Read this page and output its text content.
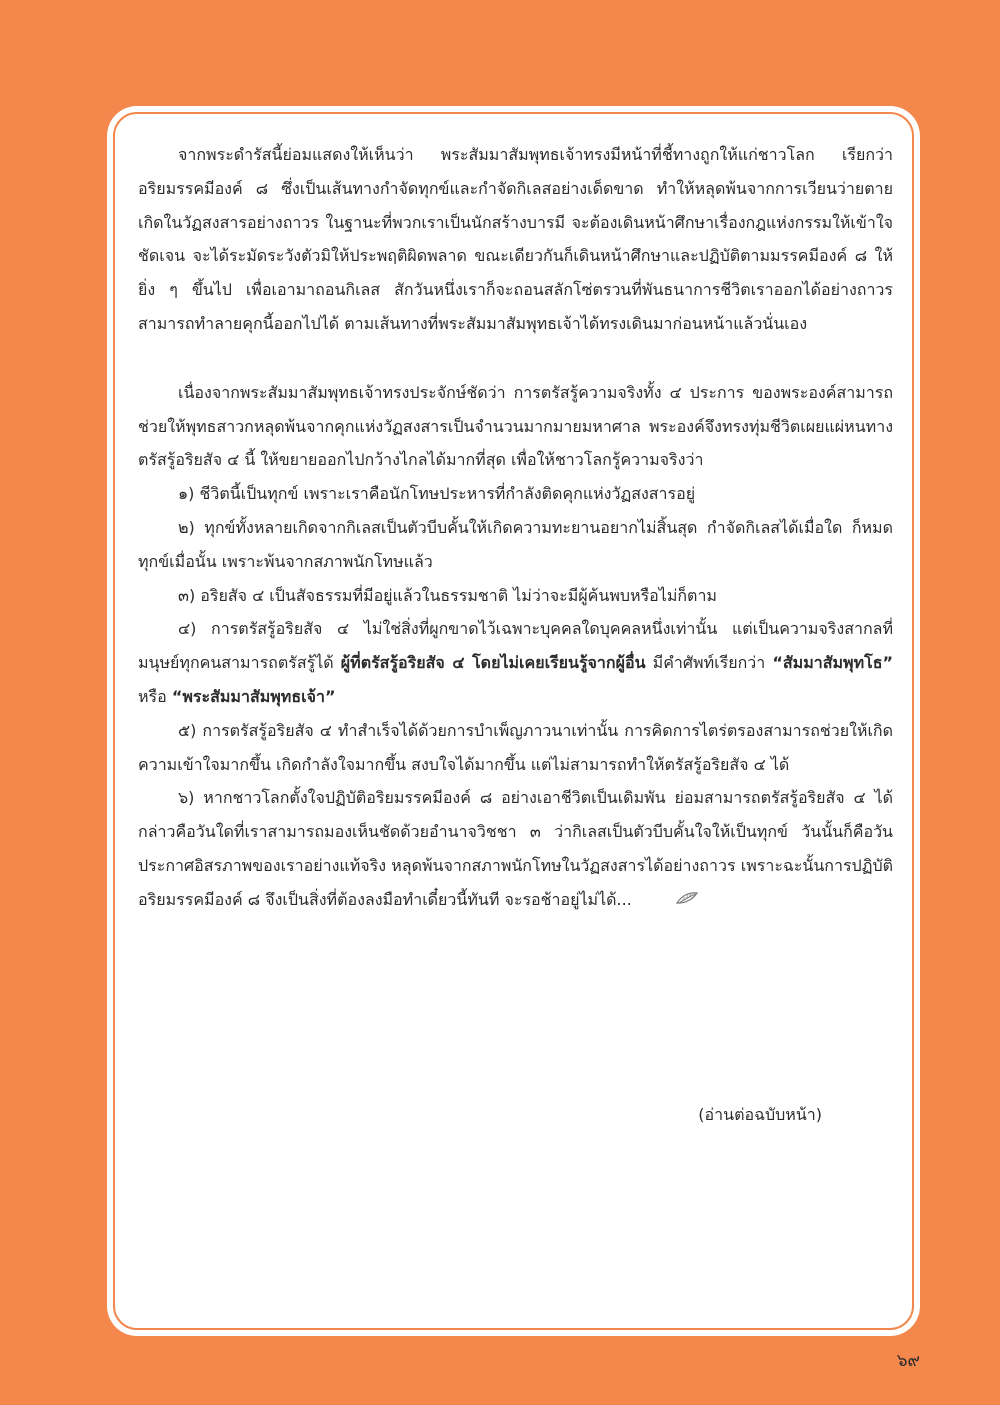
จากพระดำรัสนี้ย่อมแสดงให้เห็นว่า พระสัมมาสัมพุทธเจ้าทรงมีหน้าที่ชี้ทางถูกให้แก่ชาวโลก เรียกว่า อริยมรรคมีองค์ ๘ ซึ่งเป็นเส้นทางกำจัดทุกข์และกำจัดกิเลสอย่างเด็ดขาด ทำให้หลุดพ้นจากการเวียนว่ายตายเกิดในวัฏสงสารอย่างถาวร ในฐานะที่พวกเราเป็นนักสร้างบารมี จะต้องเดินหน้าศึกษาเรื่องกฎแห่งกรรมให้เข้าใจชัดเจน จะได้ระมัดระวังตัวมิให้ประพฤติผิดพลาด ขณะเดียวกันก็เดินหน้าศึกษาและปฏิบัติตามมรรคมีองค์ ๘ ให้ยิ่ง ๆ ขึ้นไป เพื่อเอามาถอนกิเลส สักวันหนึ่งเราก็จะถอนสลักโซ่ตรวนที่พันธนาการชีวิตเราออกได้อย่างถาวร สามารถทำลายคุกนี้ออกไปได้ ตามเส้นทางที่พระสัมมาสัมพุทธเจ้าได้ทรงเดินมาก่อนหน้าแล้วนั่นเอง

เนื่องจากพระสัมมาสัมพุทธเจ้าทรงประจักษ์ชัดว่า การตรัสรู้ความจริงทั้ง ๔ ประการ ของพระองค์สามารถช่วยให้พุทธสาวกหลุดพ้นจากคุกแห่งวัฏสงสารเป็นจำนวนมากมายมหาศาล พระองค์จึงทรงทุ่มชีวิตเผยแผ่หนทางตรัสรู้อริยสัจ ๔ นี้ ให้ขยายออกไปกว้างไกลได้มากที่สุด เพื่อให้ชาวโลกรู้ความจริงว่า

๑) ชีวิตนี้เป็นทุกข์ เพราะเราคือนักโทษประหารที่กำลังติดคุกแห่งวัฏสงสารอยู่

๒) ทุกข์ทั้งหลายเกิดจากกิเลสเป็นตัวบีบคั้นให้เกิดความทะยานอยากไม่สิ้นสุด กำจัดกิเลสได้เมื่อใด ก็หมดทุกข์เมื่อนั้น เพราะพ้นจากสภาพนักโทษแล้ว

๓) อริยสัจ ๔ เป็นสัจธรรมที่มีอยู่แล้วในธรรมชาติ ไม่ว่าจะมีผู้ค้นพบหรือไม่ก็ตาม

๔) การตรัสรู้อริยสัจ ๔ ไม่ใช่สิ่งที่ผูกขาดไว้เฉพาะบุคคลใดบุคคลหนึ่งเท่านั้น แต่เป็นความจริงสากลที่มนุษย์ทุกคนสามารถตรัสรู้ได้ ผู้ที่ตรัสรู้อริยสัจ ๔ โดยไม่เคยเรียนรู้จากผู้อื่น มีคำศัพท์เรียกว่า “สัมมาสัมพุทโธ” หรือ “พระสัมมาสัมพุทธเจ้า”

๕) การตรัสรู้อริยสัจ ๔ ทำสำเร็จได้ด้วยการบำเพ็ญภาวนาเท่านั้น การคิดการไตร่ตรองสามารถช่วยให้เกิดความเข้าใจมากขึ้น เกิดกำลังใจมากขึ้น สงบใจได้มากขึ้น แต่ไม่สามารถทำให้ตรัสรู้อริยสัจ ๔ ได้

๖) หากชาวโลกตั้งใจปฏิบัติอริยมรรคมีองค์ ๘ อย่างเอาชีวิตเป็นเดิมพัน ย่อมสามารถตรัสรู้อริยสัจ ๔ ได้ กล่าวคือวันใดที่เราสามารถมองเห็นชัดด้วยอำนาจวิชชา ๓ ว่ากิเลสเป็นตัวบีบคั้นใจให้เป็นทุกข์ วันนั้นก็คือวันประกาศอิสรภาพของเราอย่างแท้จริง หลุดพ้นจากสภาพนักโทษในวัฏสงสารได้อย่างถาวร เพราะฉะนั้นการปฏิบัติอริยมรรคมีองค์ ๘ จึงเป็นสิ่งที่ต้องลงมือทำเดี๋ยวนี้ทันที จะรอช้าอยู่ไม่ได้...

(อ่านต่อฉบับหน้า)
๖๙
